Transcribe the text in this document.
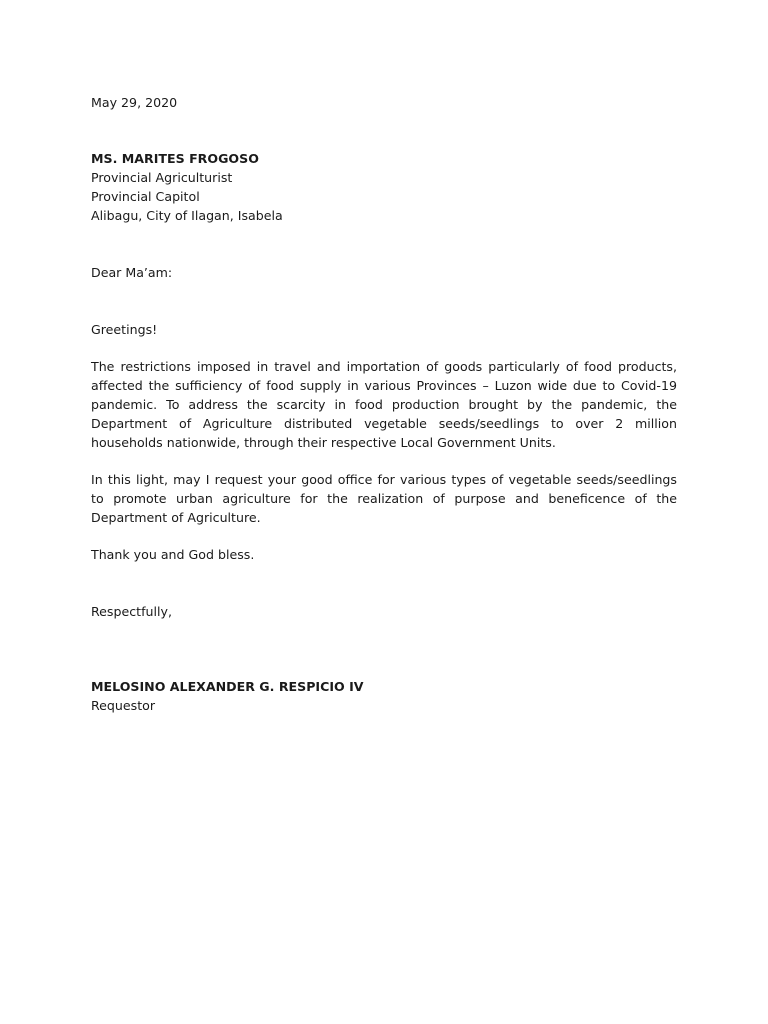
May 29, 2020
MS. MARITES FROGOSO
Provincial Agriculturist
Provincial Capitol
Alibagu, City of Ilagan, Isabela
Dear Ma’am:
Greetings!
The restrictions imposed in travel and importation of goods particularly of food products, affected the sufficiency of food supply in various Provinces – Luzon wide due to Covid-19 pandemic. To address the scarcity in food production brought by the pandemic, the Department of Agriculture distributed vegetable seeds/seedlings to over 2 million households nationwide, through their respective Local Government Units.
In this light, may I request your good office for various types of vegetable seeds/seedlings to promote urban agriculture for the realization of purpose and beneficence of the Department of Agriculture.
Thank you and God bless.
Respectfully,
MELOSINO ALEXANDER G. RESPICIO IV
Requestor
